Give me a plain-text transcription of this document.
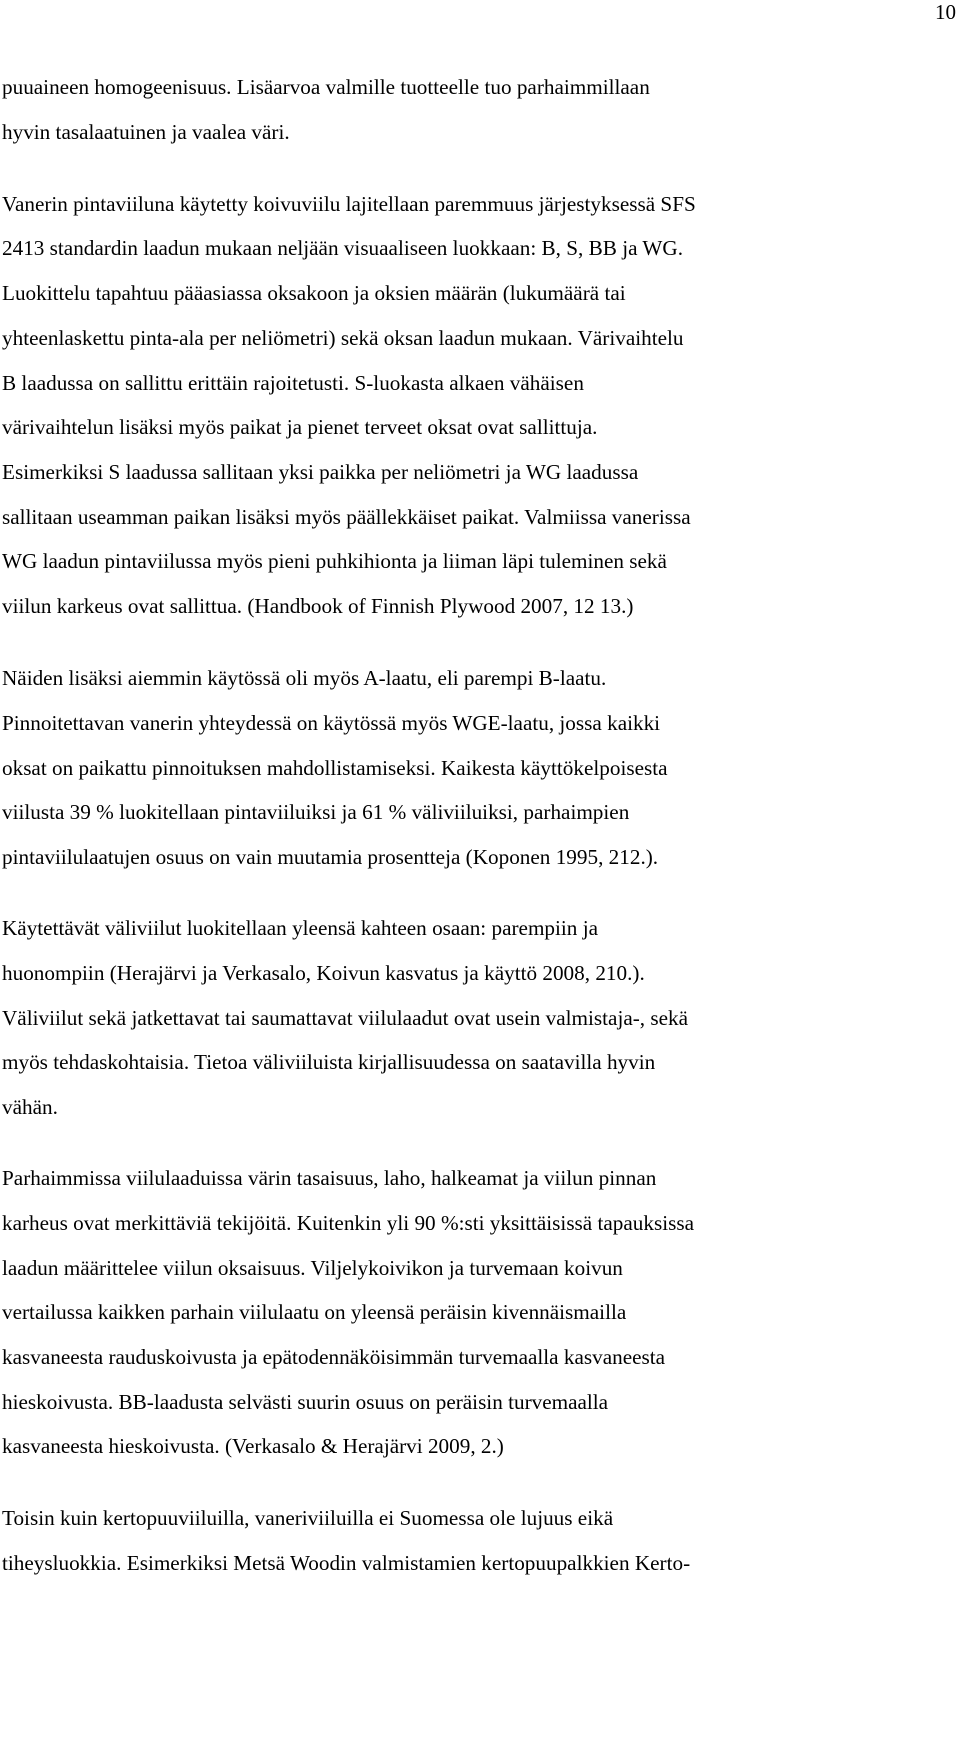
10
puuaineen homogeenisuus. Lisäarvoa valmille tuotteelle tuo parhaimmillaan
hyvin tasalaatuinen ja vaalea väri.
Vanerin pintaviiluna käytetty koivuviilu lajitellaan paremmuus järjestyksessä SFS
2413 standardin laadun mukaan neljään visuaaliseen luokkaan: B, S, BB ja WG.
Luokittelu tapahtuu pääasiassa oksakoon ja oksien määrän (lukumäärä tai
yhteenlaskettu pinta-ala per neliömetri) sekä oksan laadun mukaan. Värivaihtelu
B laadussa on sallittu erittäin rajoitetusti. S-luokasta alkaen vähäisen
värivaihtelun lisäksi myös paikat ja pienet terveet oksat ovat sallittuja.
Esimerkiksi S laadussa sallitaan yksi paikka per neliömetri ja WG laadussa
sallitaan useamman paikan lisäksi myös päällekkäiset paikat. Valmiissa vanerissa
WG laadun pintaviilussa myös pieni puhkihionta ja liiman läpi tuleminen sekä
viilun karkeus ovat sallittua. (Handbook of Finnish Plywood 2007, 12 13.)
Näiden lisäksi aiemmin käytössä oli myös A-laatu, eli parempi B-laatu.
Pinnoitettavan vanerin yhteydessä on käytössä myös WGE-laatu, jossa kaikki
oksat on paikattu pinnoituksen mahdollistamiseksi. Kaikesta käyttökelpoisesta
viilusta 39 % luokitellaan pintaviiluiksi ja 61 % väliviiluiksi, parhaimpien
pintaviilulaatujen osuus on vain muutamia prosentteja (Koponen 1995, 212.).
Käytettävät väliviilut luokitellaan yleensä kahteen osaan: parempiin ja
huonompiin (Herajärvi ja Verkasalo, Koivun kasvatus ja käyttö 2008, 210.).
Väliviilut sekä jatkettavat tai saumattavat viilulaadut ovat usein valmistaja-, sekä
myös tehdaskohtaisia. Tietoa väliviiluista kirjallisuudessa on saatavilla hyvin
vähän.
Parhaimmissa viilulaaduissa värin tasaisuus, laho, halkeamat ja viilun pinnan
karheus ovat merkittäviä tekijöitä. Kuitenkin yli 90 %:sti yksittäisissä tapauksissa
laadun määrittelee viilun oksaisuus. Viljelykoivikon ja turvemaan koivun
vertailussa kaikken parhain viilulaatu on yleensä peräisin kivennäismailla
kasvaneesta rauduskoivusta ja epätodennäköisimmän turvemaalla kasvaneesta
hieskoivusta. BB-laadusta selvästi suurin osuus on peräisin turvemaalla
kasvaneesta hieskoivusta. (Verkasalo & Herajärvi 2009, 2.)
Toisin kuin kertopuuviiluilla, vaneriviiluilla ei Suomessa ole lujuus eikä
tiheysluokkia. Esimerkiksi Metsä Woodin valmistamien kertopuupalkkien Kerto-
